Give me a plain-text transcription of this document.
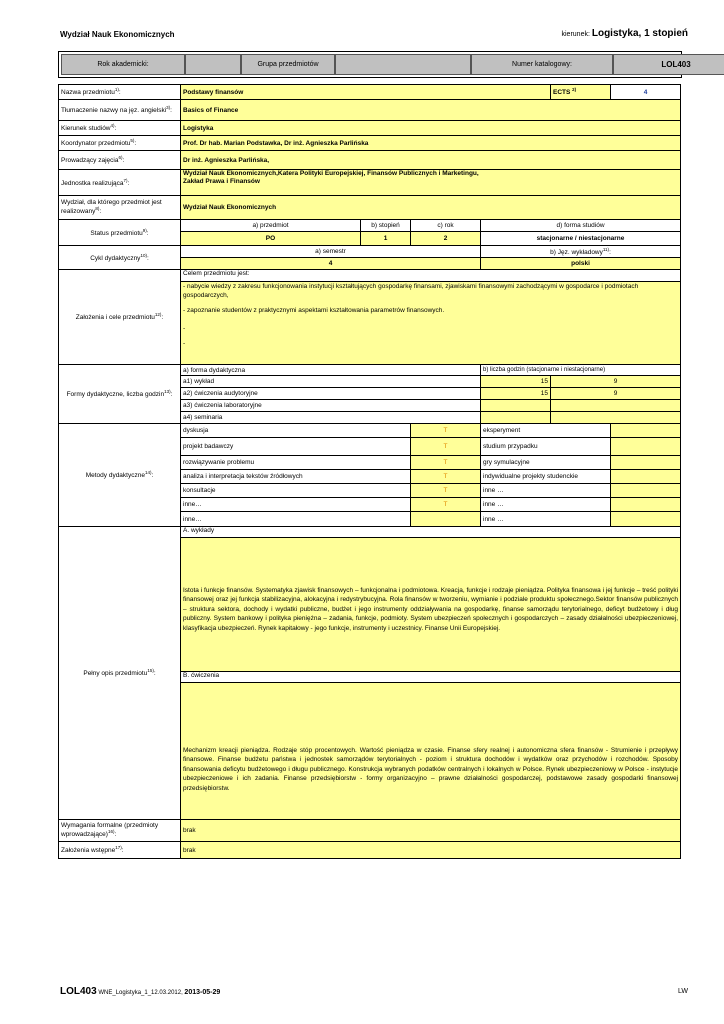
Wydział Nauk Ekonomicznych	kierunek: Logistyka, 1 stopień
Rok akademicki:	Grupa przedmiotów	Numer katalogowy:	LOL403
Nazwa przedmiotu$^{1)}$:	Podstawy finansów				ECTS $^{2)}$	4
Tłumaczenie nazwy na jęz. angielski$^{3)}$:	Basics of Finance					
Kierunek studiów$^{4)}$:	Logistyka					
Koordynator przedmiotu$^{5)}$:	Prof. Dr hab. Marian Podstawka, Dr inż. Agnieszka Parlińska					
Prowadzący zajęcia$^{6)}$:	Dr inż. Agnieszka Parlińska,					
Jednostka realizująca$^{7)}$:	Wydział Nauk Ekonomicznych,Katera Polityki Europejskiej, Finansów Publicznych i Marketingu,
Zakład Prawa i Finansów					

Wydział, dla którego przedmiot jest realizowany$^{8)}$:	Wydział Nauk Ekonomicznych					
Status przedmiotu$^{9)}$:	a) przedmiot	b) stopień	c) rok	d) forma studiów		
	PO	1	2	stacjonarne / niestacjonarne		
Cykl dydaktyczny$^{10)}$:	a) semestr			b) Jęz. wykładowy$^{11)}$:		
	4			polski		
Założenia i cele przedmiotu$^{12)}$:	Celem przedmiotu jest:
- nabycie wiedzy z zakresu funkcjonowania instytucji kształtujących gospodarkę finansami, zjawiskami finansowymi zachodzącymi w gospodarce i podmiotach gospodarczych,
- zapoznanie studentów z praktycznymi aspektami kształtowania parametrów finansowych.
-
-					

Formy dydaktyczne, liczba godzin$^{13)}$:	a) forma dydaktyczna			b) liczba godzin (stacjonarne i niestacjonarne)		
	a1) wykład			15	9	
	a2) ćwiczenia audytoryjne			15	9	
	a3) ćwiczenia laboratoryjne					
	a4) seminaria					
Metody dydaktyczne$^{14)}$:	dyskusja		T	eksperyment		
	projekt badawczy		T	studium przypadku		
	rozwiązywanie problemu		T	gry symulacyjne		
	analiza i interpretacja tekstów źródłowych		T	indywidualne projekty studenckie		
	konsultacje		T	inne …		
	inne…		T	inne …		
	inne…			inne …		
Pełny opis przedmiotu$^{15)}$:	A. wykłady
Istota i funkcje finansów. Systematyka zjawisk finansowych – funkcjonalna i podmiotowa. Kreacja, funkcje i rodzaje pieniądza. Polityka finansowa i jej funkcje – treść polityki finansowej oraz jej funkcja stabilizacyjna, alokacyjna i redystrybucyjna. Rola finansów w tworzeniu, wymianie i podziale produktu społecznego.Sektor finansów publicznych – struktura sektora, dochody i wydatki publiczne, budżet i jego instrumenty oddziaływania na gospodarkę, finanse samorządu terytorialnego, deficyt budżetowy i dług publiczny. System bankowy i polityka pieniężna – zadania, funkcje, podmioty. System ubezpieczeń społecznych i gospodarczych – zasady działalności ubezpieczeniowej, klasyfikacja ubezpieczeń. Rynek kapitałowy - jego funkcje, instrumenty i uczestnicy. Finanse Unii Europejskiej.
B. ćwiczenia
Mechanizm kreacji pieniądza. Rodzaje stóp procentowych. Wartość pieniądza w czasie. Finanse sfery realnej i autonomiczna sfera finansów - Strumienie i przepływy finansowe. Finanse budżetu państwa i jednostek samorządów terytorialnych - poziom i struktura dochodów i wydatków oraz przychodów i rozchodów. Sposoby finansowania deficytu budżetowego i długu publicznego. Konstrukcja wybranych podatków centralnych i lokalnych w Polsce. Rynek ubezpieczeniowy w Polsce - instytucje ubezpieczeniowe i ich zadania. Finanse przedsiębiorstw - formy organizacyjno – prawne działalności gospodarczej, podstawowe zasady gospodarki finansowej przedsiębiorstw.					

Wymagania formalne (przedmioty wprowadzające)$^{16)}$:	brak					
Założenia wstępne$^{17)}$:	brak					
LOL403 WNE_Logistyka_1_12.03.2012, 2013-05-29	LW
